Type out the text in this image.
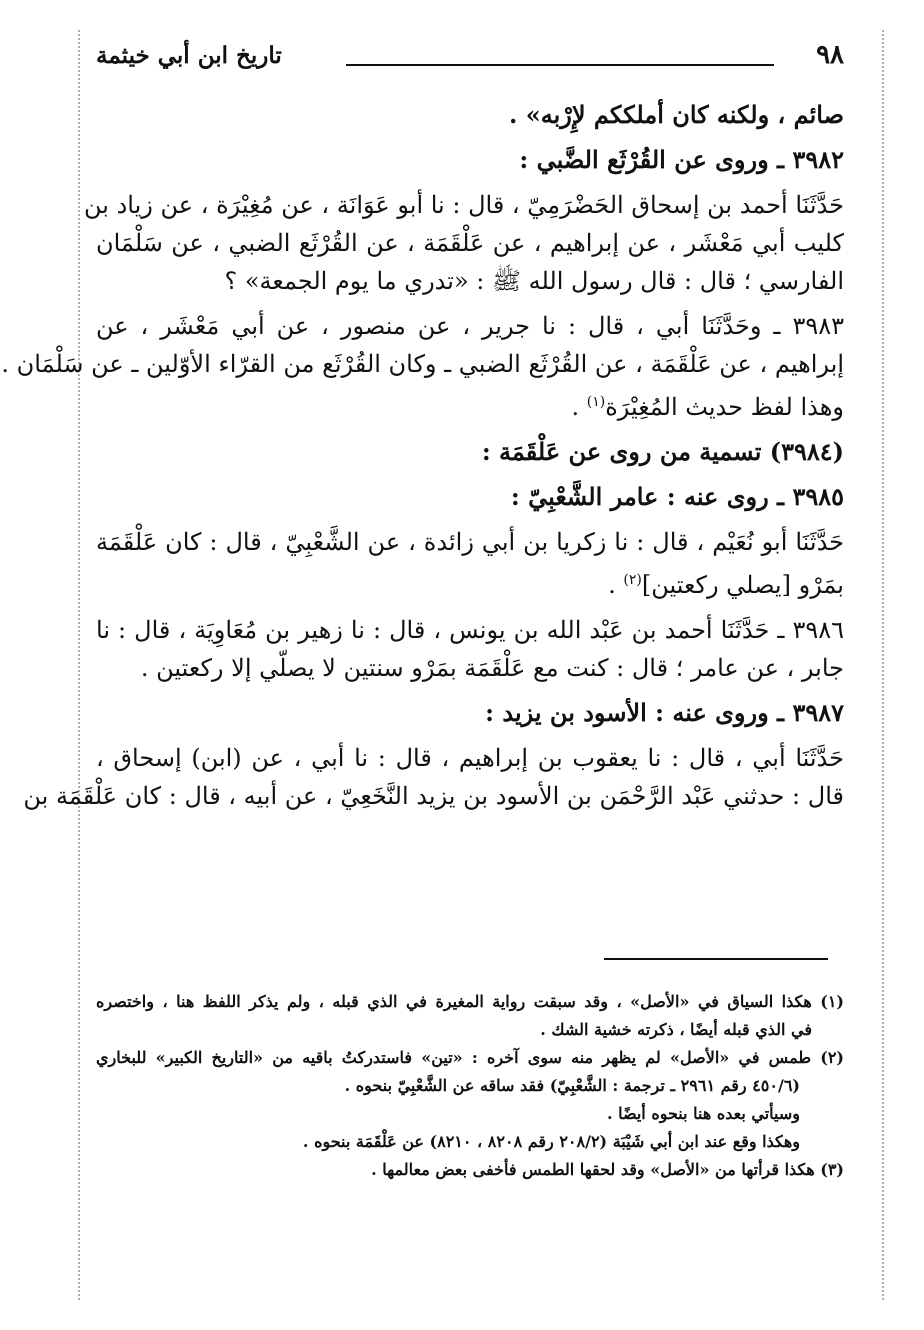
٩٨
تاريخ ابن أبي خيثمة
صائم ، ولكنه كان أملككم لإِرْبه» .
٣٩٨٢ ـ وروى عن القُرْثَع الضَّبي :
حَدَّثَنَا أحمد بن إسحاق الحَضْرَمِيّ ، قال : نا أبو عَوَانَة ، عن مُغِيْرَة ، عن زياد بن
كليب أبي مَعْشَر ، عن إبراهيم ، عن عَلْقَمَة ، عن القُرْثَع الضبي ، عن سَلْمَان
الفارسي ؛ قال : قال رسول الله ﷺ : «تدري ما يوم الجمعة» ؟
٣٩٨٣ ـ وحَدَّثَنَا أبي ، قال : نا جرير ، عن منصور ، عن أبي مَعْشَر ، عن
إبراهيم ، عن عَلْقَمَة ، عن القُرْثَع الضبي ـ وكان القُرْثَع من القرّاء الأوّلين ـ عن سَلْمَان .
وهذا لفظ حديث المُغِيْرَة$^{(١)}$ .
(٣٩٨٤) تسمية من روى عن عَلْقَمَة :
٣٩٨٥ ـ روى عنه : عامر الشَّعْبِيّ :
حَدَّثَنَا أبو نُعَيْم ، قال : نا زكريا بن أبي زائدة ، عن الشَّعْبِيّ ، قال : كان عَلْقَمَة
بمَرْو [يصلي ركعتين]$^{(٢)}$ .
٣٩٨٦ ـ حَدَّثَنَا أحمد بن عَبْد الله بن يونس ، قال : نا زهير بن مُعَاوِيَة ، قال : نا
جابر ، عن عامر ؛ قال : كنت مع عَلْقَمَة بمَرْو سنتين لا يصلّي إلا ركعتين .
٣٩٨٧ ـ وروى عنه : الأسود بن يزيد :
حَدَّثَنَا أبي ، قال : نا يعقوب بن إبراهيم ، قال : نا أبي ، عن (ابن) إسحاق ،
قال : حدثني عَبْد الرَّحْمَن بن الأسود بن يزيد النَّخَعِيّ ، عن أبيه ، قال : كان عَلْقَمَة بن
(١) هكذا السياق في «الأصل» ، وقد سبقت رواية المغيرة في الذي قبله ، ولم يذكر اللفظ هنا ، واختصره
في الذي قبله أيضًا ، ذكرته خشية الشك .
(٢) طمس في «الأصل» لم يظهر منه سوى آخره : «تين» فاستدركتُ باقيه من «التاريخ الكبير» للبخاري
(٤٥٠/٦ رقم ٢٩٦١ ـ ترجمة : الشَّعْبِيّ) فقد ساقه عن الشَّعْبِيّ بنحوه .
وسيأتي بعده هنا بنحوه أيضًا .
وهكذا وقع عند ابن أبي شَيْبَة (٢٠٨/٢ رقم ٨٢٠٨ ، ٨٢١٠) عن عَلْقَمَة بنحوه .
(٣) هكذا قرأتها من «الأصل» وقد لحقها الطمس فأخفى بعض معالمها .
